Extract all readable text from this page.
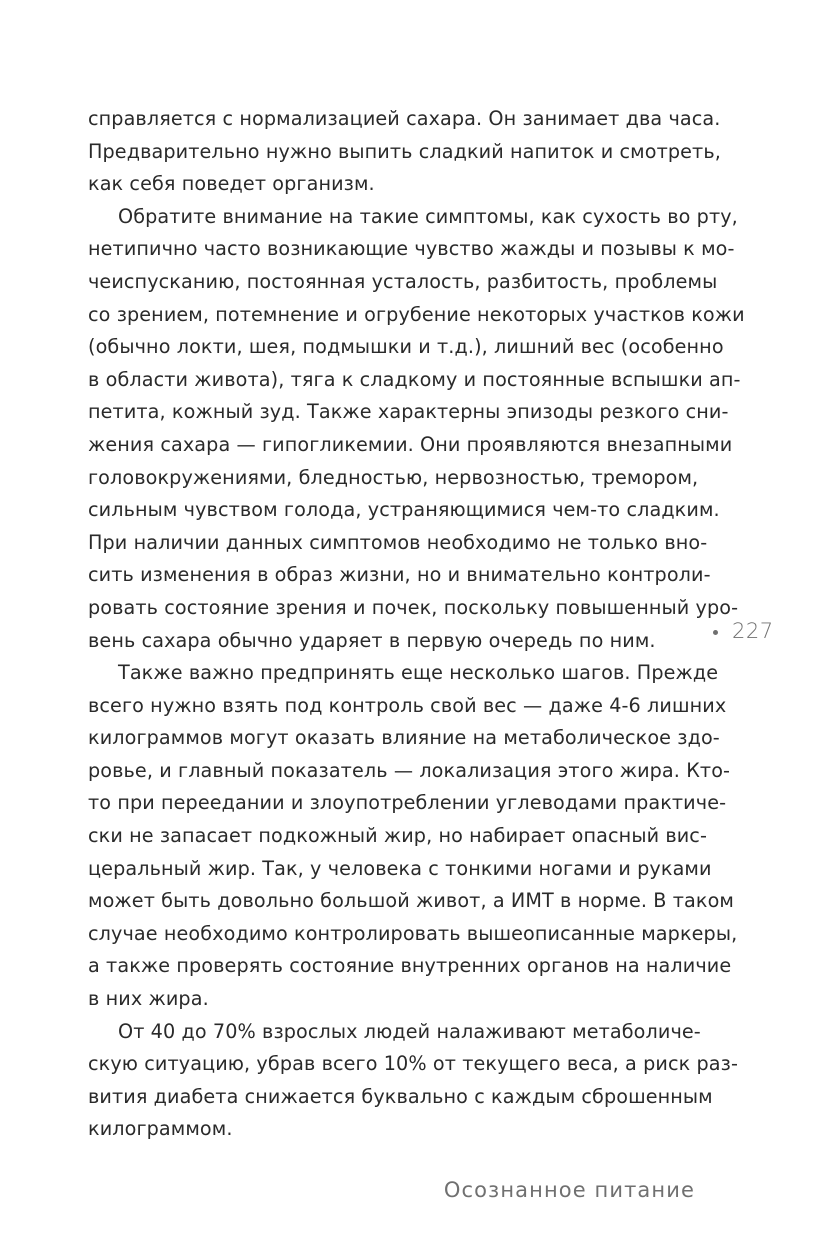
справляется с нормализацией сахара. Он занимает два часа.
Предварительно нужно выпить сладкий напиток и смотреть,
как себя поведет организм.
Обратите внимание на такие симптомы, как сухость во рту,
нетипично часто возникающие чувство жажды и позывы к мо-
чеиспусканию, постоянная усталость, разбитость, проблемы
со зрением, потемнение и огрубение некоторых участков кожи
(обычно локти, шея, подмышки и т.д.), лишний вес (особенно
в области живота), тяга к сладкому и постоянные вспышки ап-
петита, кожный зуд. Также характерны эпизоды резкого сни-
жения сахара — гипогликемии. Они проявляются внезапными
головокружениями, бледностью, нервозностью, тремором,
сильным чувством голода, устраняющимися чем-то сладким.
При наличии данных симптомов необходимо не только вно-
сить изменения в образ жизни, но и внимательно контроли-
ровать состояние зрения и почек, поскольку повышенный уро-
вень сахара обычно ударяет в первую очередь по ним.
Также важно предпринять еще несколько шагов. Прежде
всего нужно взять под контроль свой вес — даже 4-6 лишних
килограммов могут оказать влияние на метаболическое здо-
ровье, и главный показатель — локализация этого жира. Кто-
то при переедании и злоупотреблении углеводами практиче-
ски не запасает подкожный жир, но набирает опасный вис-
церальный жир. Так, у человека с тонкими ногами и руками
может быть довольно большой живот, а ИМТ в норме. В таком
случае необходимо контролировать вышеописанные маркеры,
а также проверять состояние внутренних органов на наличие
в них жира.
От 40 до 70% взрослых людей налаживают метаболиче-
скую ситуацию, убрав всего 10% от текущего веса, а риск раз-
вития диабета снижается буквально с каждым сброшенным
килограммом.
227
Осознанное питание
